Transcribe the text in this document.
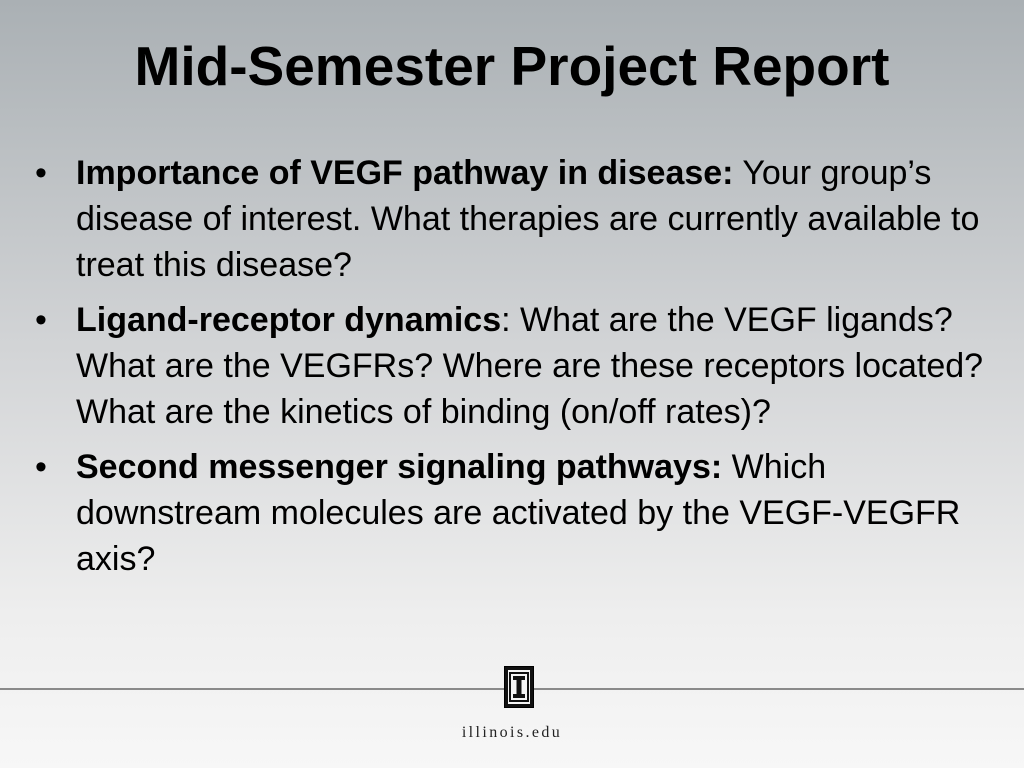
Mid-Semester Project Report
• Importance of VEGF pathway in disease: Your group’s disease of interest. What therapies are currently available to treat this disease?
• Ligand-receptor dynamics: What are the VEGF ligands? What are the VEGFRs? Where are these receptors located? What are the kinetics of binding (on/off rates)?
• Second messenger signaling pathways: Which downstream molecules are activated by the VEGF-VEGFR axis?
illinois.edu
